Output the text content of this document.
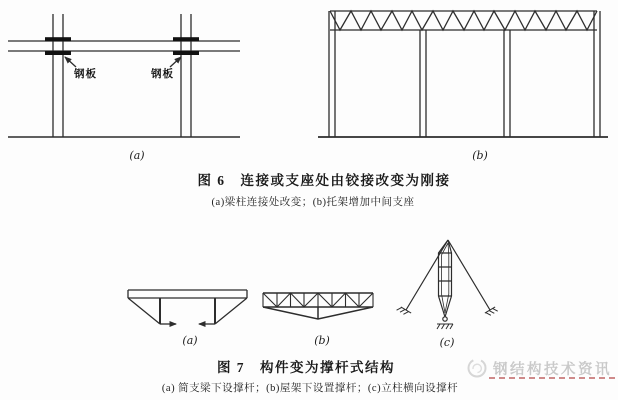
钢板	钢板
(a)	(b)
图 6　连接或支座处由铰接改变为刚接
(a)梁柱连接处改变；(b)托架增加中间支座
(a)	(b)	(c)
图 7　构件变为撑杆式结构
(a) 简支梁下设撑杆；(b)屋架下设置撑杆；(c)立柱横向设撑杆
钢结构技术资讯
